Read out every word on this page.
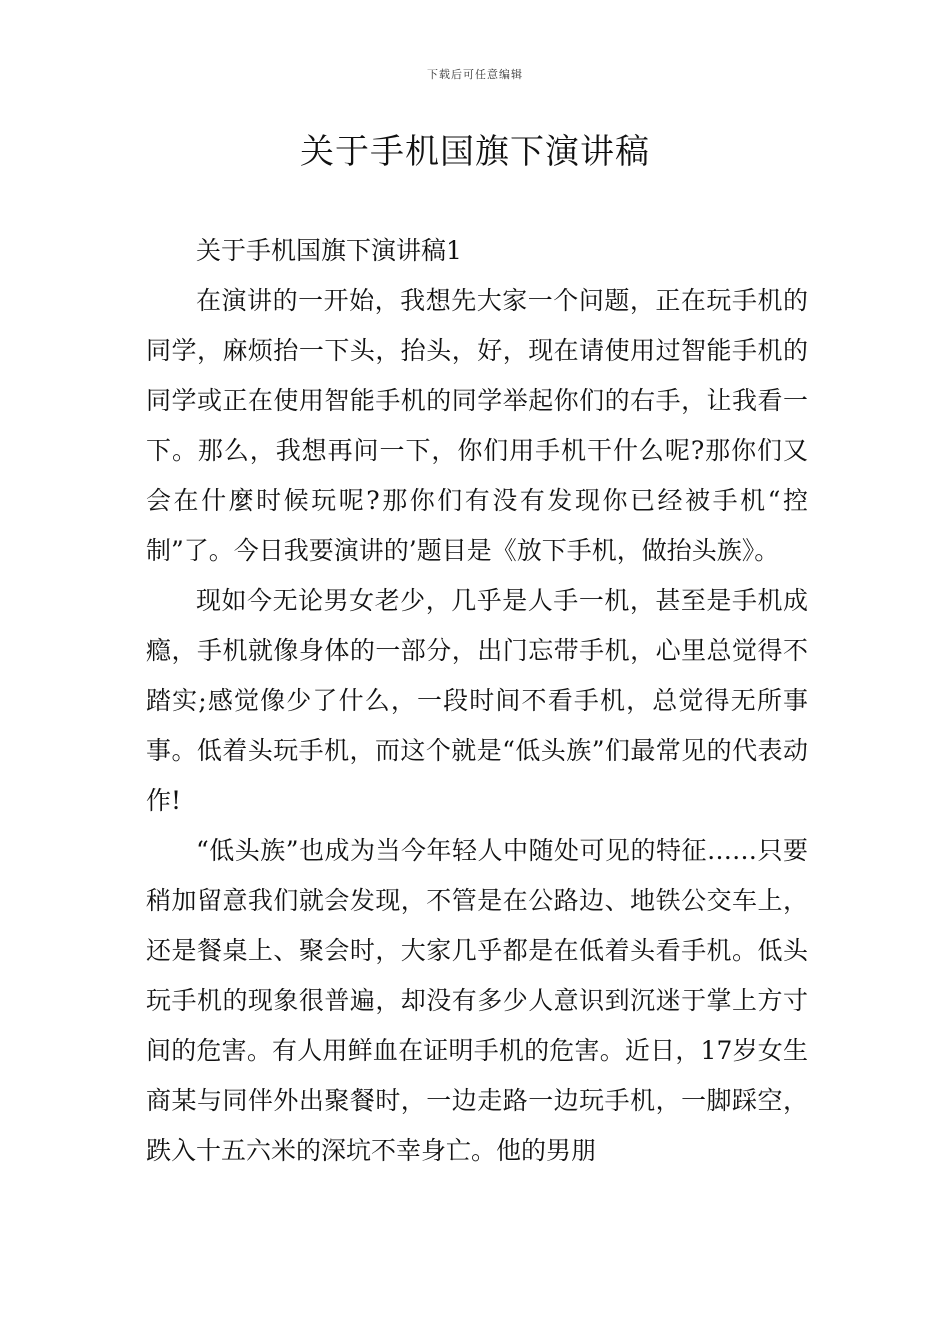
下载后可任意编辑
关于手机国旗下演讲稿

关于手机国旗下演讲稿1

在演讲的一开始，我想先大家一个问题，正在玩手机的同学，麻烦抬一下头，抬头，好，现在请使用过智能手机的同学或正在使用智能手机的同学举起你们的右手，让我看一下。那么，我想再问一下，你们用手机干什么呢?那你们又会在什麼时候玩呢?那你们有没有发现你已经被手机“控制”了。今日我要演讲的’题目是《放下手机，做抬头族》。

现如今无论男女老少，几乎是人手一机，甚至是手机成瘾，手机就像身体的一部分，出门忘带手机，心里总觉得不踏实;感觉像少了什么，一段时间不看手机，总觉得无所事事。低着头玩手机，而这个就是“低头族”们最常见的代表动作!

“低头族”也成为当今年轻人中随处可见的特征……只要稍加留意我们就会发现，不管是在公路边、地铁公交车上，还是餐桌上、聚会时，大家几乎都是在低着头看手机。低头玩手机的现象很普遍，却没有多少人意识到沉迷于掌上方寸间的危害。有人用鲜血在证明手机的危害。近日，17岁女生商某与同伴外出聚餐时，一边走路一边玩手机，一脚踩空，跌入十五六米的深坑不幸身亡。他的男朋
